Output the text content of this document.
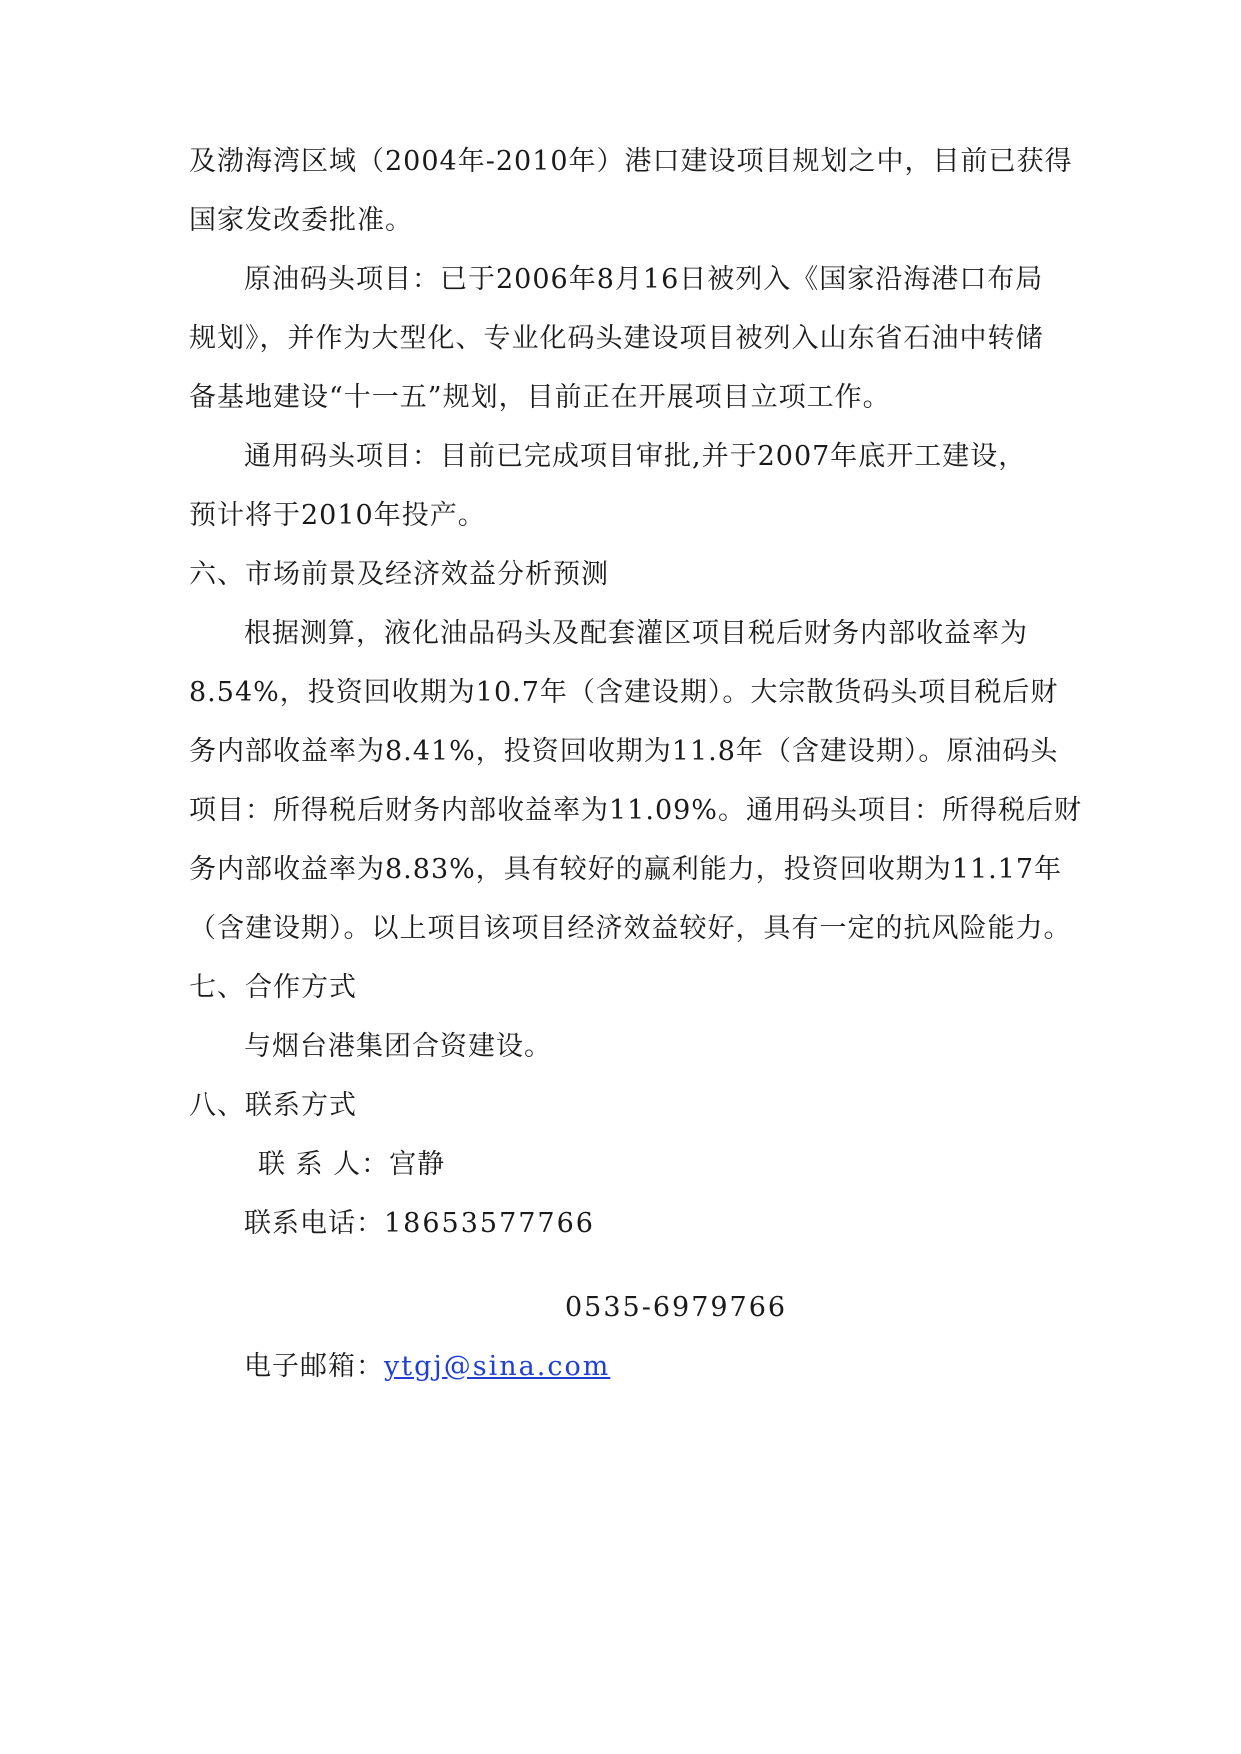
及渤海湾区域（2004年-2010年）港口建设项目规划之中，目前已获得

国家发改委批准。

原油码头项目：已于2006年8月16日被列入《国家沿海港口布局

规划》，并作为大型化、专业化码头建设项目被列入山东省石油中转储

备基地建设“十一五”规划，目前正在开展项目立项工作。

通用码头项目：目前已完成项目审批,并于2007年底开工建设，

预计将于2010年投产。

六、市场前景及经济效益分析预测

根据测算，液化油品码头及配套灌区项目税后财务内部收益率为

8.54%，投资回收期为10.7年（含建设期）。大宗散货码头项目税后财

务内部收益率为8.41%，投资回收期为11.8年（含建设期）。原油码头

项目：所得税后财务内部收益率为11.09%。通用码头项目：所得税后财

务内部收益率为8.83%，具有较好的赢利能力，投资回收期为11.17年

（含建设期）。以上项目该项目经济效益较好，具有一定的抗风险能力。

七、合作方式

与烟台港集团合资建设。

八、联系方式

联 系 人：宫静

联系电话：18653577766

0535-6979766

电子邮箱：ytgj@sina.com
